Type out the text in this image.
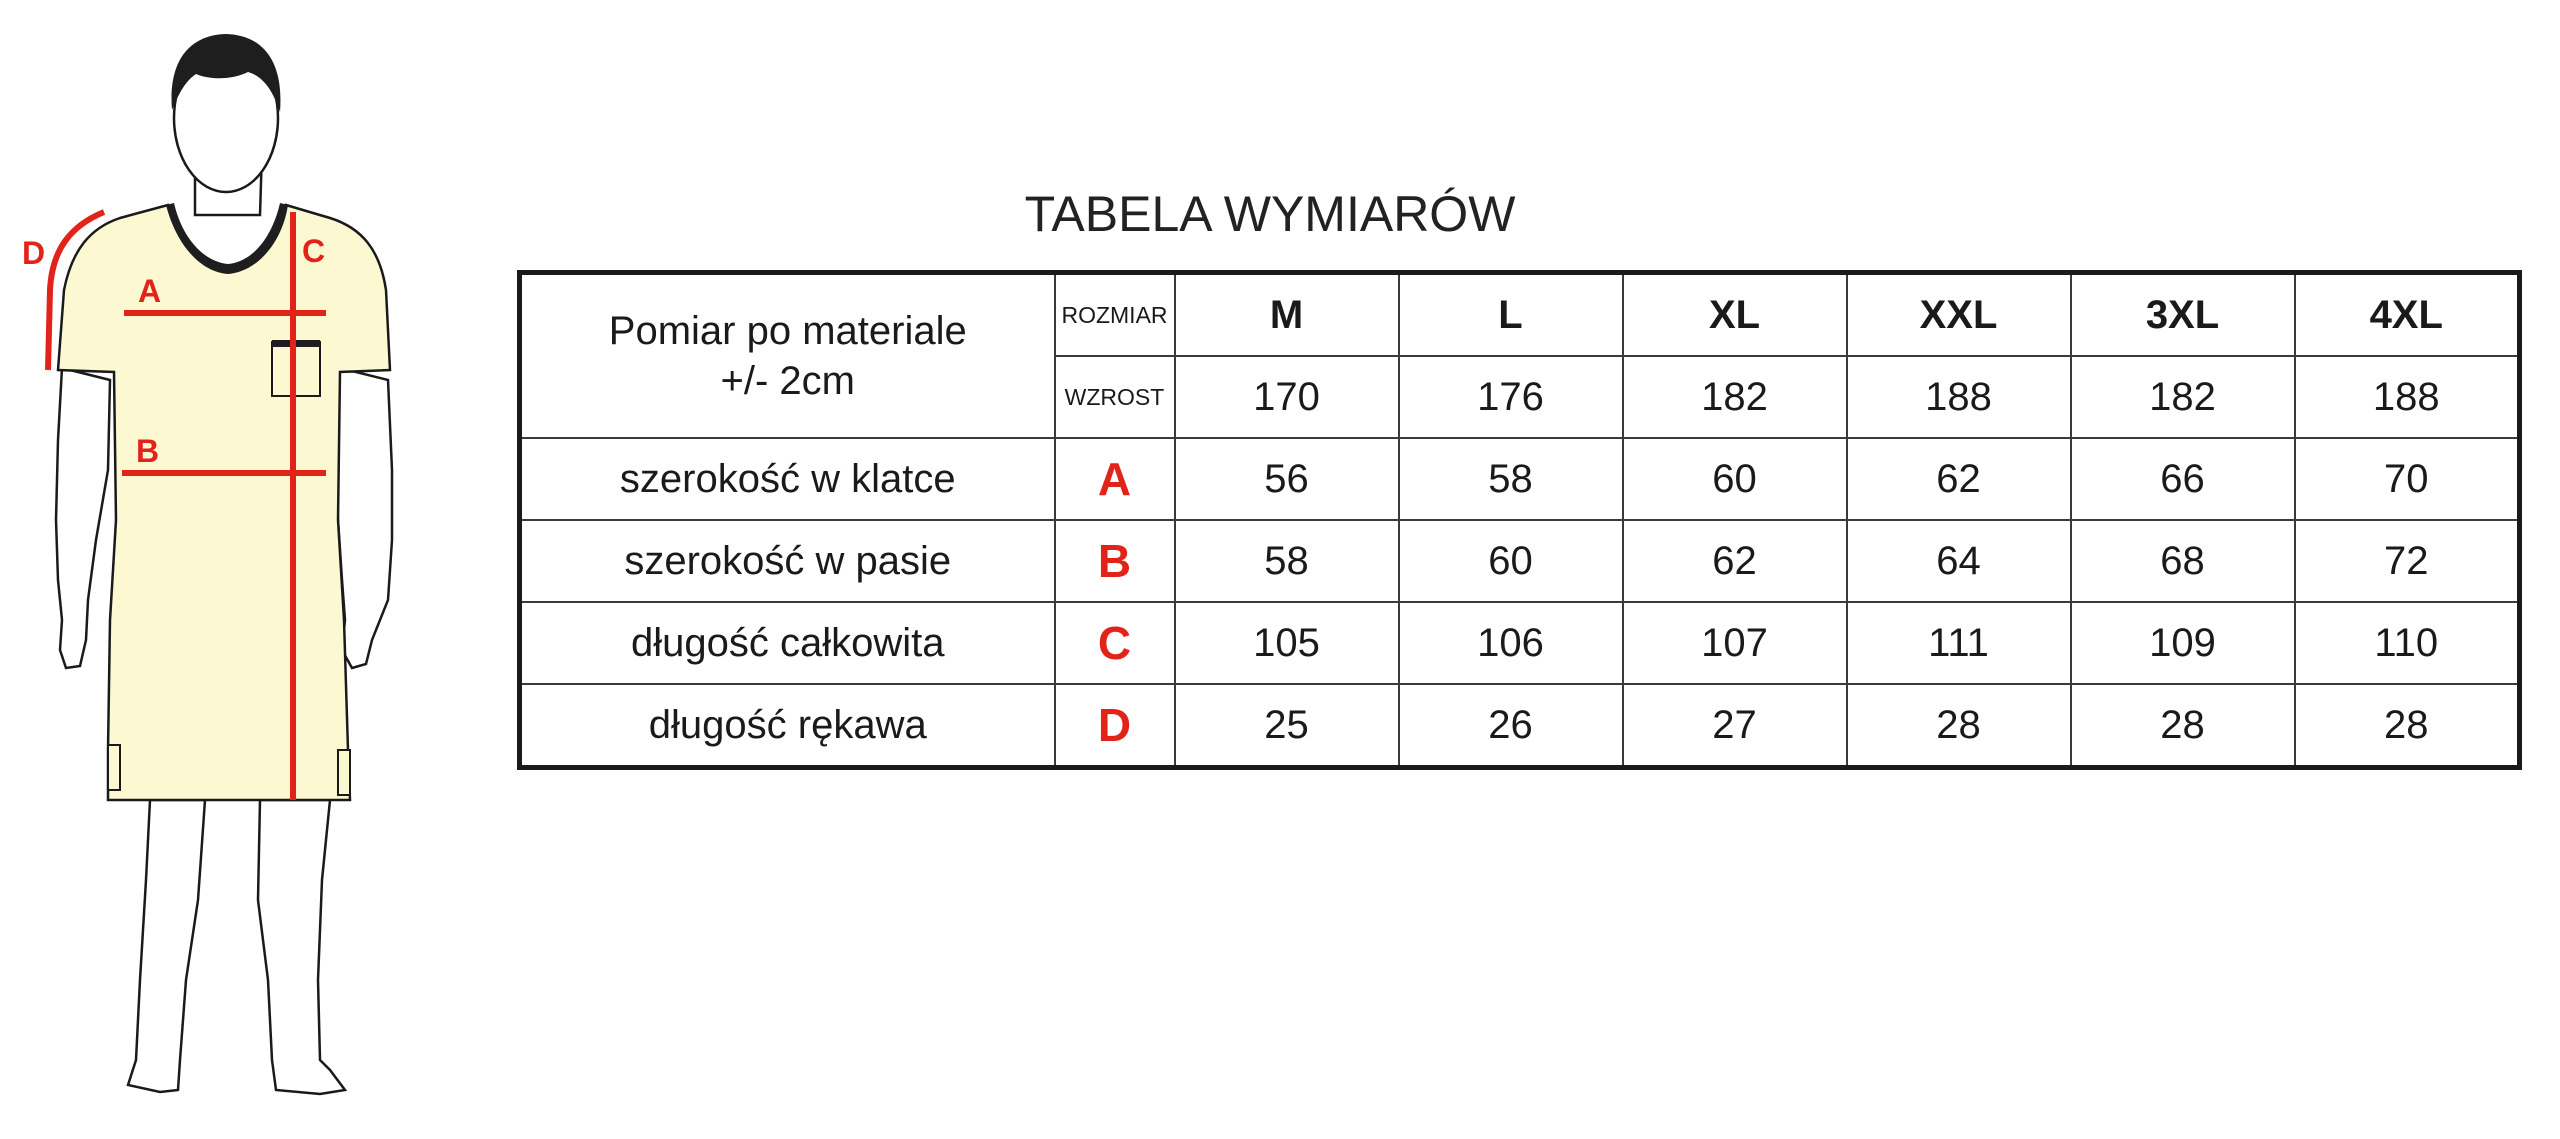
A
B
C
D
TABELA WYMIARÓW
Pomiar po materiale
+/- 2cm	ROZMIAR	M	L	XL	XXL	3XL	4XL
	WZROST	170	176	182	188	182	188
szerokość w klatce	A	56	58	60	62	66	70
szerokość w pasie	B	58	60	62	64	68	72
długość całkowita	C	105	106	107	111	109	110
długość rękawa	D	25	26	27	28	28	28
